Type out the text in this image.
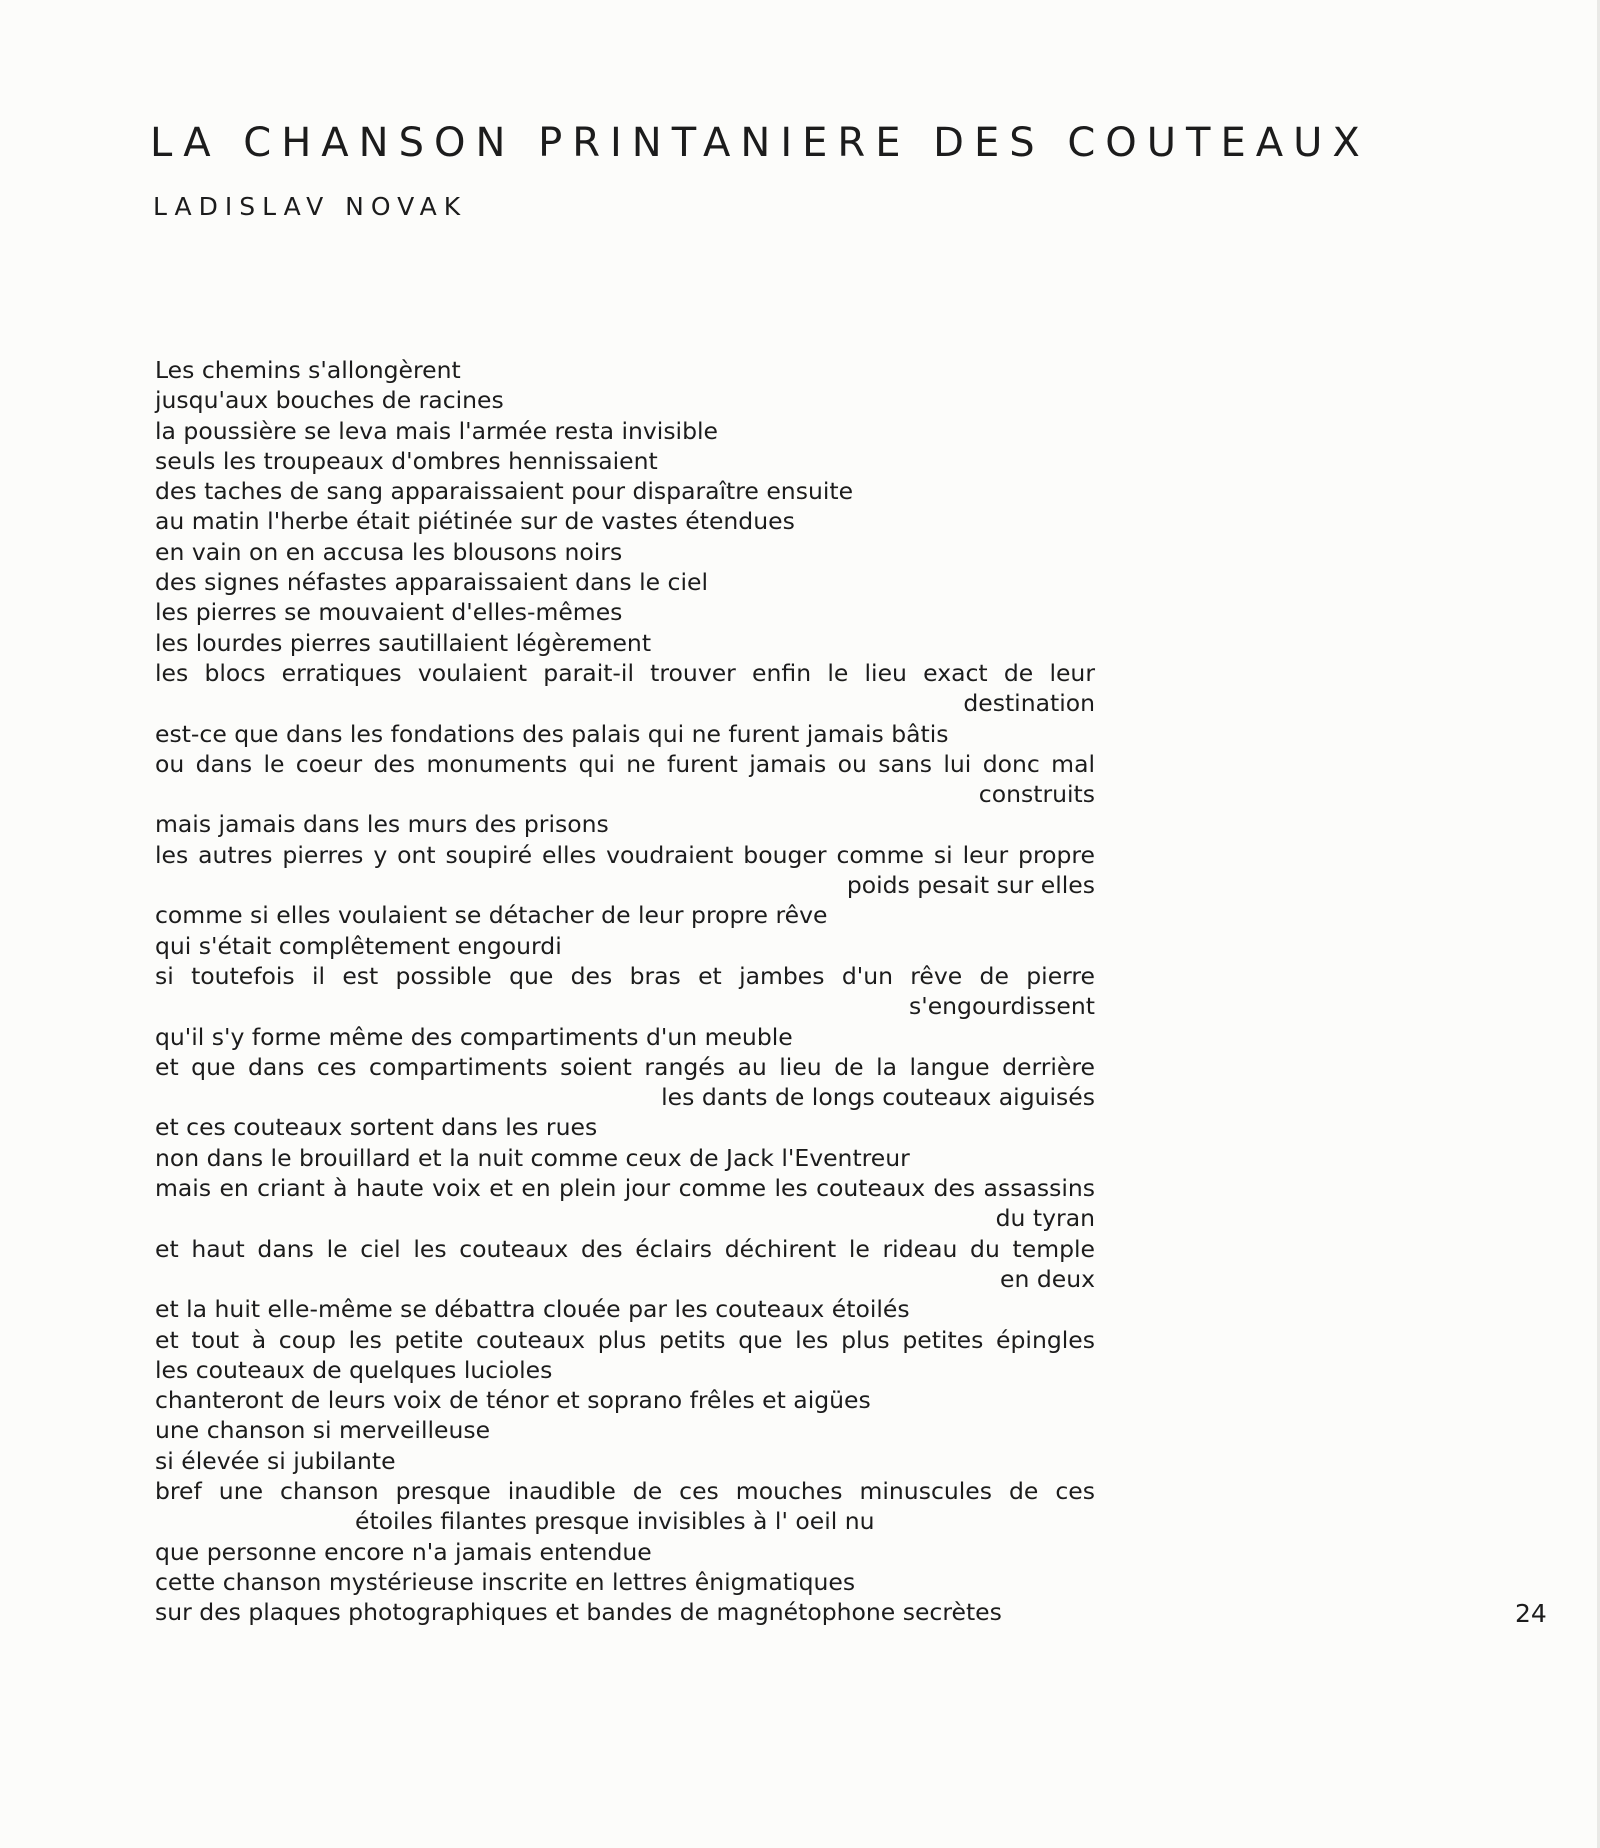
LA CHANSON PRINTANIERE DES COUTEAUX
LADISLAV NOVAK
Les chemins s'allongèrent
jusqu'aux bouches de racines
la poussière se leva mais l'armée resta invisible
seuls les troupeaux d'ombres hennissaient
des taches de sang apparaissaient pour disparaître ensuite
au matin l'herbe était piétinée sur de vastes étendues
en vain on en accusa les blousons noirs
des signes néfastes apparaissaient dans le ciel
les pierres se mouvaient d'elles-mêmes
les lourdes pierres sautillaient légèrement
les blocs erratiques voulaient parait-il trouver enfin le lieu exact de leur
destination
est-ce que dans les fondations des palais qui ne furent jamais bâtis
ou dans le coeur des monuments qui ne furent jamais ou sans lui donc mal
construits
mais jamais dans les murs des prisons
les autres pierres y ont soupiré elles voudraient bouger comme si leur propre
poids pesait sur elles
comme si elles voulaient se détacher de leur propre rêve
qui s'était complêtement engourdi
si toutefois il est possible que des bras et jambes d'un rêve de pierre
s'engourdissent
qu'il s'y forme même des compartiments d'un meuble
et que dans ces compartiments soient rangés au lieu de la langue derrière
les dants de longs couteaux aiguisés
et ces couteaux sortent dans les rues
non dans le brouillard et la nuit comme ceux de Jack l'Eventreur
mais en criant à haute voix et en plein jour comme les couteaux des assassins
du tyran
et haut dans le ciel les couteaux des éclairs déchirent le rideau du temple
en deux
et la huit elle-même se débattra clouée par les couteaux étoilés
et tout à coup les petite couteaux plus petits que les plus petites épingles
les couteaux de quelques lucioles
chanteront de leurs voix de ténor et soprano frêles et aigües
une chanson si merveilleuse
si élevée si jubilante
bref une chanson presque inaudible de ces mouches minuscules de ces
étoiles filantes presque invisibles à l' oeil nu
que personne encore n'a jamais entendue
cette chanson mystérieuse inscrite en lettres ênigmatiques
sur des plaques photographiques et bandes de magnétophone secrètes	24
